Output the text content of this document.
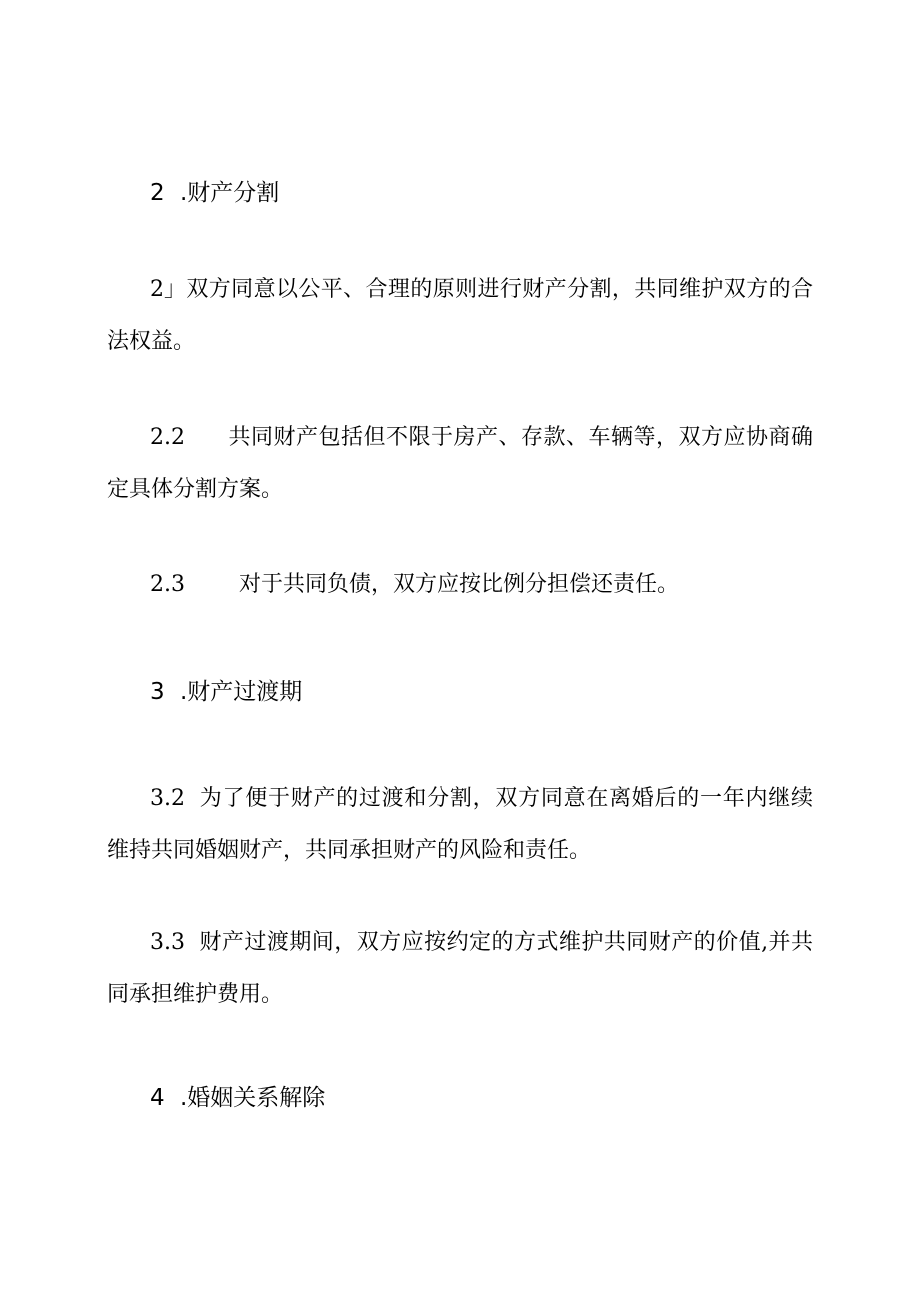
2 .财产分割
2」双方同意以公平、合理的原则进行财产分割，共同维护双方的合法权益。
2.2 共同财产包括但不限于房产、存款、车辆等，双方应协商确定具体分割方案。
2.3 对于共同负债，双方应按比例分担偿还责任。
3 .财产过渡期
3.2 为了便于财产的过渡和分割，双方同意在离婚后的一年内继续维持共同婚姻财产，共同承担财产的风险和责任。
3.3 财产过渡期间，双方应按约定的方式维护共同财产的价值,并共同承担维护费用。
4 .婚姻关系解除
